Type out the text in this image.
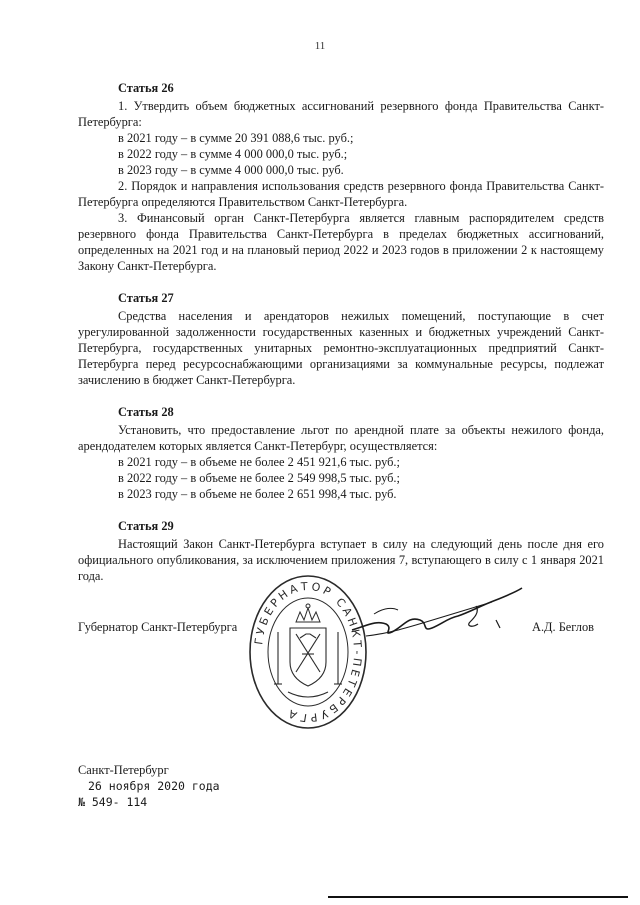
11
Статья 26

1. Утвердить объем бюджетных ассигнований резервного фонда Правительства Санкт-Петербурга:

в 2021 году – в сумме 20 391 088,6 тыс. руб.;

в 2022 году – в сумме 4 000 000,0 тыс. руб.;

в 2023 году – в сумме 4 000 000,0 тыс. руб.

2. Порядок и направления использования средств резервного фонда Правительства Санкт-Петербурга определяются Правительством Санкт-Петербурга.

3. Финансовый орган Санкт-Петербурга является главным распорядителем средств резервного фонда Правительства Санкт-Петербурга в пределах бюджетных ассигнований, определенных на 2021 год и на плановый период 2022 и 2023 годов в приложении 2 к настоящему Закону Санкт-Петербурга.

Статья 27

Средства населения и арендаторов нежилых помещений, поступающие в счет урегулированной задолженности государственных казенных и бюджетных учреждений Санкт-Петербурга, государственных унитарных ремонтно-эксплуатационных предприятий Санкт-Петербурга перед ресурсоснабжающими организациями за коммунальные ресурсы, подлежат зачислению в бюджет Санкт-Петербурга.

Статья 28

Установить, что предоставление льгот по арендной плате за объекты нежилого фонда, арендодателем которых является Санкт-Петербург, осуществляется:

в 2021 году – в объеме не более 2 451 921,6 тыс. руб.;

в 2022 году – в объеме не более 2 549 998,5 тыс. руб.;

в 2023 году – в объеме не более 2 651 998,4 тыс. руб.

Статья 29

Настоящий Закон Санкт-Петербурга вступает в силу на следующий день после дня его официального опубликования, за исключением приложения 7, вступающего в силу с 1 января 2021 года.

Губернатор Санкт-Петербурга	А.Д. Беглов
ГУБЕРНАТОР САНКТ-ПЕТЕРБУРГА
Санкт-Петербург
26 ноября 2020 года
№ 549- 114
